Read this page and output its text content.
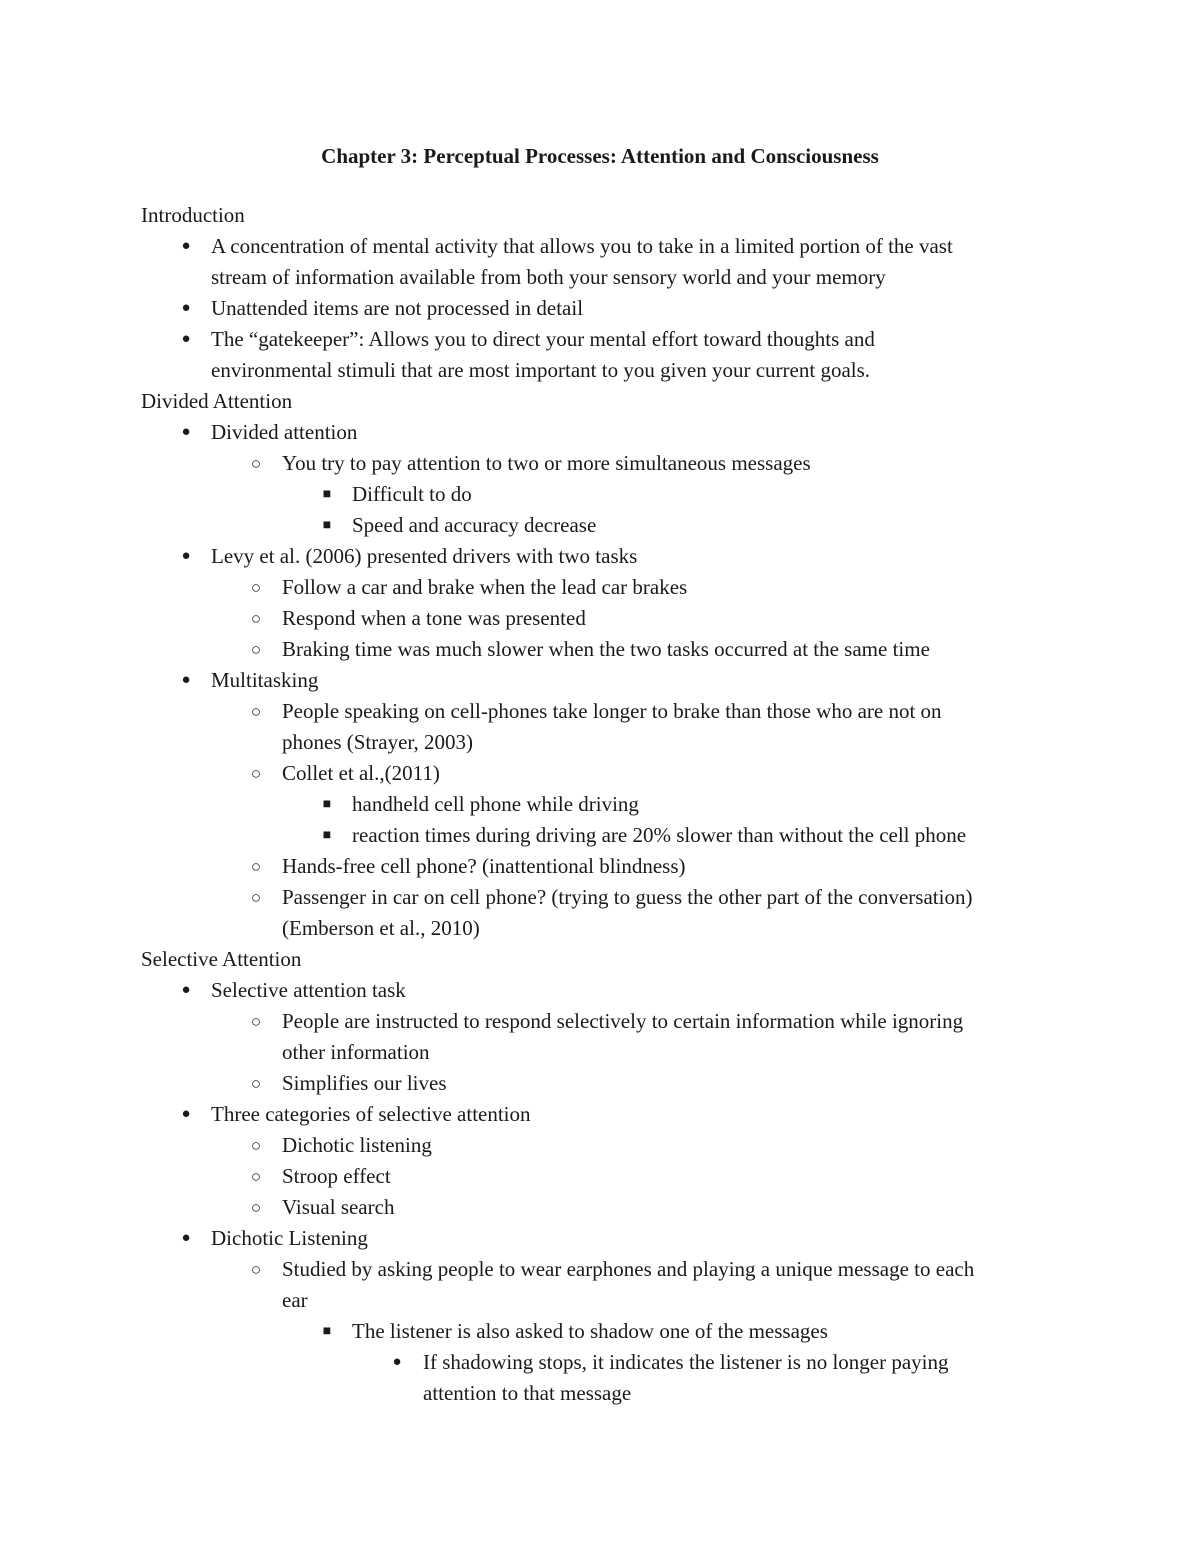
Chapter 3: Perceptual Processes: Attention and Consciousness
Introduction
● A concentration of mental activity that allows you to take in a limited portion of the vast
stream of information available from both your sensory world and your memory
● Unattended items are not processed in detail
● The “gatekeeper”: Allows you to direct your mental effort toward thoughts and
environmental stimuli that are most important to you given your current goals.
Divided Attention
● Divided attention
○ You try to pay attention to two or more simultaneous messages
■ Difficult to do
■ Speed and accuracy decrease
● Levy et al. (2006) presented drivers with two tasks
○ Follow a car and brake when the lead car brakes
○ Respond when a tone was presented
○ Braking time was much slower when the two tasks occurred at the same time
● Multitasking
○ People speaking on cell-phones take longer to brake than those who are not on
phones (Strayer, 2003)
○ Collet et al.,(2011)
■ handheld cell phone while driving
■ reaction times during driving are 20% slower than without the cell phone
○ Hands-free cell phone? (inattentional blindness)
○ Passenger in car on cell phone? (trying to guess the other part of the conversation)
(Emberson et al., 2010)
Selective Attention
● Selective attention task
○ People are instructed to respond selectively to certain information while ignoring
other information
○ Simplifies our lives
● Three categories of selective attention
○ Dichotic listening
○ Stroop effect
○ Visual search
● Dichotic Listening
○ Studied by asking people to wear earphones and playing a unique message to each
ear
■ The listener is also asked to shadow one of the messages
● If shadowing stops, it indicates the listener is no longer paying
attention to that message
